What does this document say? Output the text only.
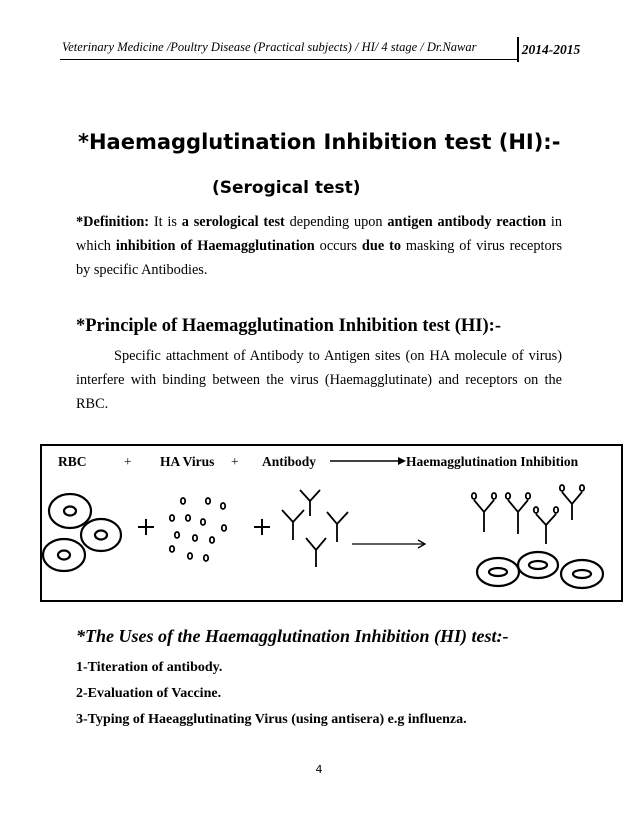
Veterinary Medicine /Poultry Disease (Practical subjects) / HI/ 4 stage / Dr.Nawar	2014-2015
*Haemagglutination Inhibition test (HI):-
(Serogical test)
*Definition: It is a serological test depending upon antigen antibody reaction in which inhibition of Haemagglutination occurs due to masking of virus receptors by specific Antibodies.
*Principle of Haemagglutination Inhibition test (HI):-
Specific attachment of Antibody to Antigen sites (on HA molecule of virus) interfere with binding between the virus (Haemagglutinate) and receptors on the RBC.
RBC	+ HA Virus + Antibody	Haemagglutination Inhibition
*The Uses of the Haemagglutination Inhibition (HI) test:-
1-Titeration of antibody.
2-Evaluation of Vaccine.
3-Typing of Haeagglutinating Virus (using antisera) e.g influenza.
4
